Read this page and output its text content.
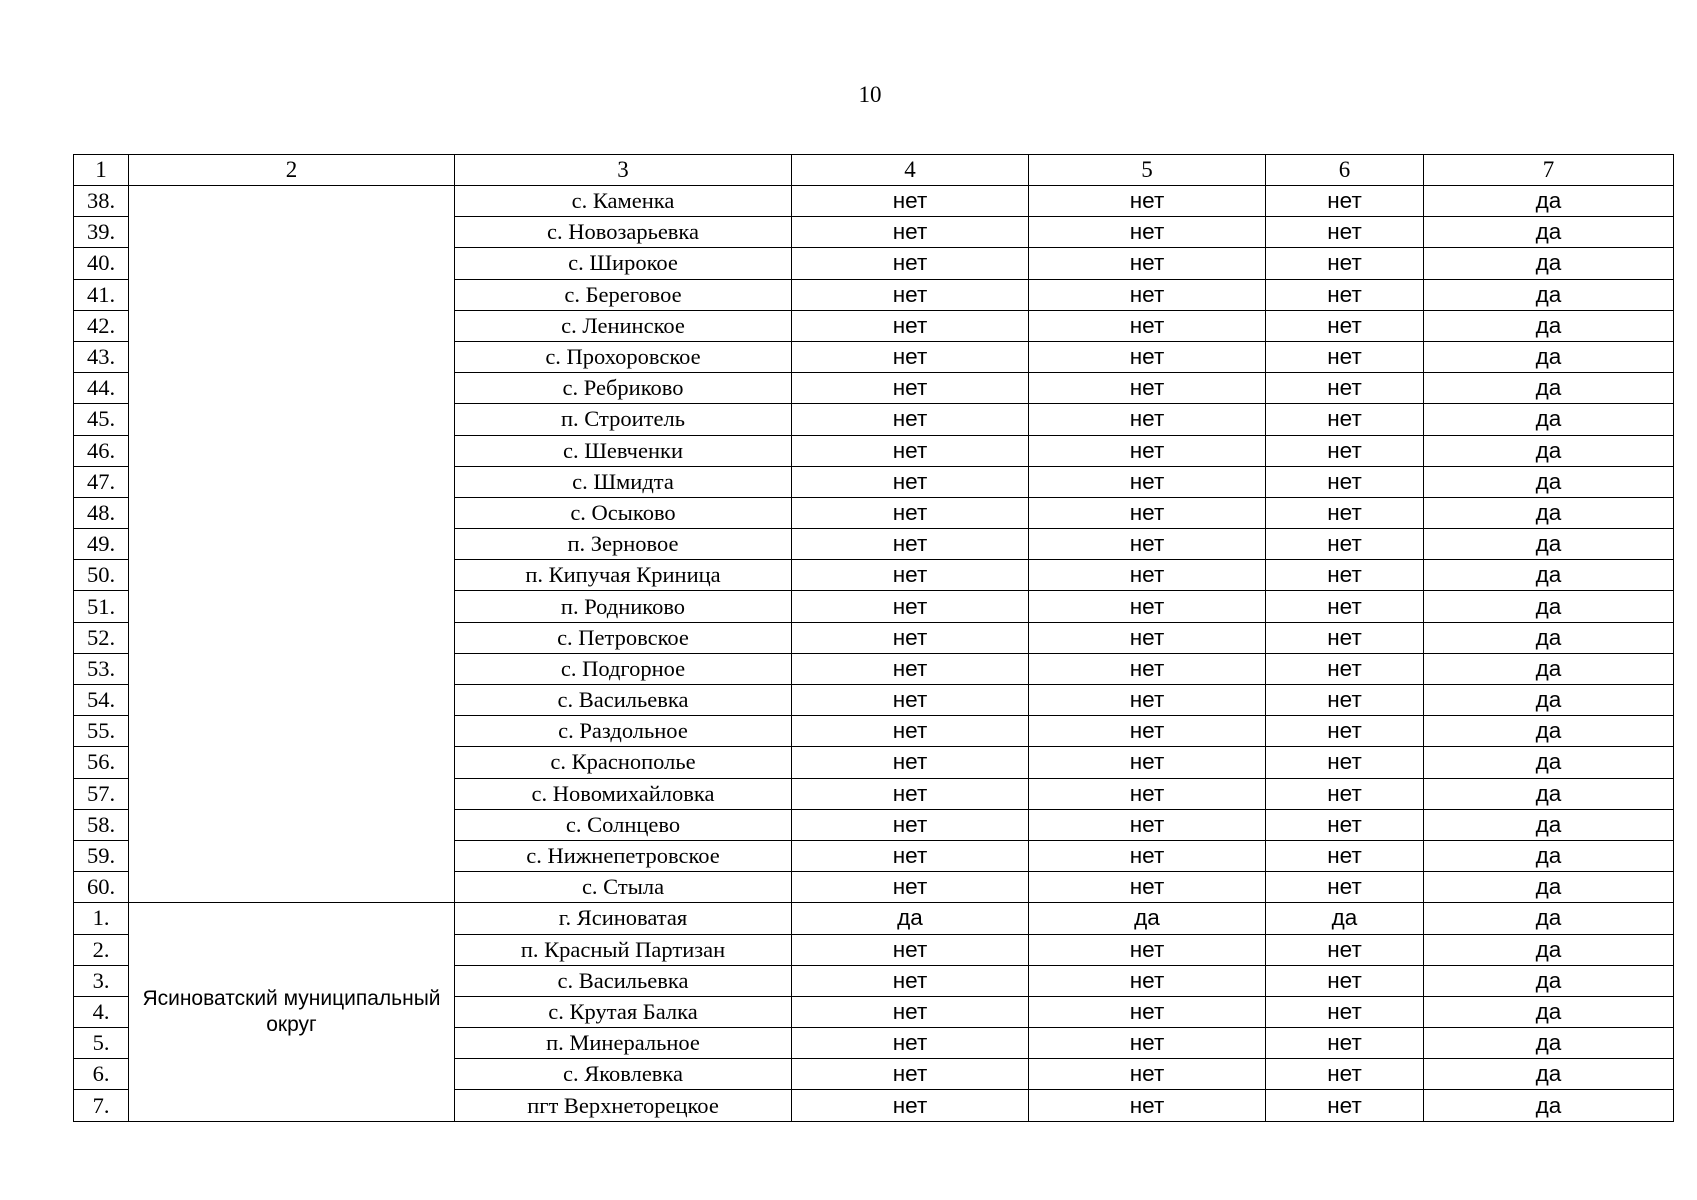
10
1	2	3	4	5	6	7
38.		с. Каменка	нет	нет	нет	да
39.		с. Новозарьевка	нет	нет	нет	да
40.		с. Широкое	нет	нет	нет	да
41.		с. Береговое	нет	нет	нет	да
42.		с. Ленинское	нет	нет	нет	да
43.		с. Прохоровское	нет	нет	нет	да
44.		с. Ребриково	нет	нет	нет	да
45.		п. Строитель	нет	нет	нет	да
46.		с. Шевченки	нет	нет	нет	да
47.		с. Шмидта	нет	нет	нет	да
48.		с. Осыково	нет	нет	нет	да
49.		п. Зерновое	нет	нет	нет	да
50.		п. Кипучая Криница	нет	нет	нет	да
51.		п. Родниково	нет	нет	нет	да
52.		с. Петровское	нет	нет	нет	да
53.		с. Подгорное	нет	нет	нет	да
54.		с. Васильевка	нет	нет	нет	да
55.		с. Раздольное	нет	нет	нет	да
56.		с. Краснополье	нет	нет	нет	да
57.		с. Новомихайловка	нет	нет	нет	да
58.		с. Солнцево	нет	нет	нет	да
59.		с. Нижнепетровское	нет	нет	нет	да
60.		с. Стыла	нет	нет	нет	да
1.	Ясиноватский муниципальный округ	г. Ясиноватая	да	да	да	да
2.		п. Красный Партизан	нет	нет	нет	да
3.		с. Васильевка	нет	нет	нет	да
4.		с. Крутая Балка	нет	нет	нет	да
5.		п. Минеральное	нет	нет	нет	да
6.		с. Яковлевка	нет	нет	нет	да
7.		пгт Верхнеторецкое	нет	нет	нет	да
